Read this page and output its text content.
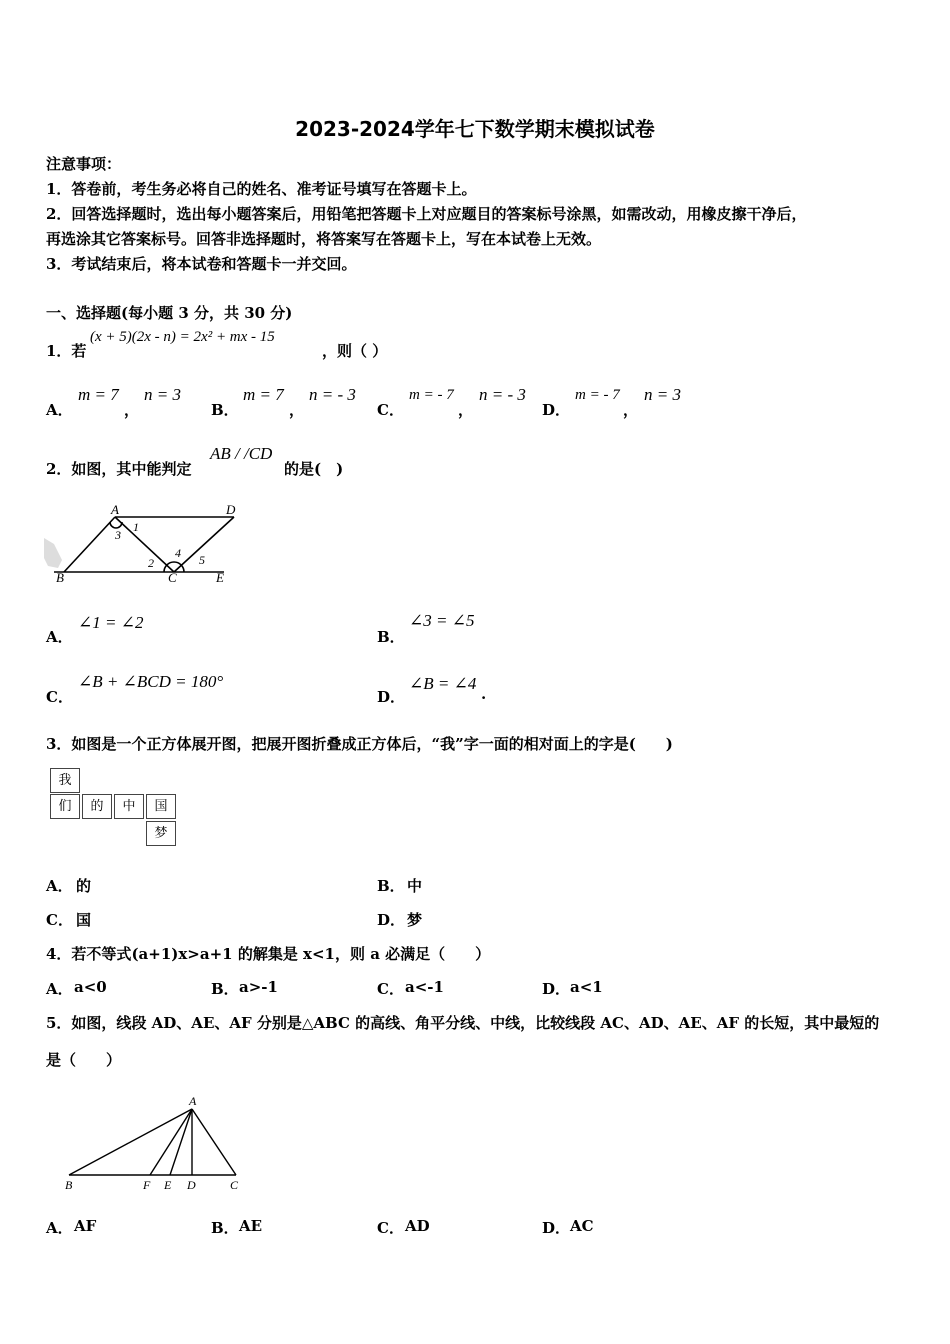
2023-2024学年七下数学期末模拟试卷
注意事项：
1．答卷前，考生务必将自己的姓名、准考证号填写在答题卡上。
2．回答选择题时，选出每小题答案后，用铅笔把答题卡上对应题目的答案标号涂黑，如需改动，用橡皮擦干净后，
再选涂其它答案标号。回答非选择题时，将答案写在答题卡上，写在本试卷上无效。
3．考试结束后，将本试卷和答题卡一并交回。
一、选择题(每小题 3 分，共 30 分)
1．若
(x + 5)(2x - n) = 2x² + mx - 15
，则（ ）
A．
m = 7
，
n = 3
B．
m = 7
，
n = - 3
C．
m = - 7
，
n = - 3
D．
m = - 7
，
n = 3
2．如图，其中能判定
AB / /CD
的是(　)
A	D
B	C	E
1
3
2
4 5
A．
∠1 = ∠2
B．
∠3 = ∠5
C．
∠B + ∠BCD = 180°
D．
∠B = ∠4
.
3．如图是一个正方体展开图，把展开图折叠成正方体后，“我”字一面的相对面上的字是(　　)
我
们	的	中	国
梦
A． 的	B． 中
C． 国	D． 梦
4．若不等式(a+1)x>a+1 的解集是 x<1，则 a 必满足（　　）
A． a<0	B． a>-1	C． a<-1	D． a<1
5．如图，线段 AD、AE、AF 分别是△ABC 的高线、角平分线、中线，比较线段 AC、AD、AE、AF 的长短，其中最短的
是（　　）
A
B	F E D	C
A． AF	B． AE	C． AD	D． AC
